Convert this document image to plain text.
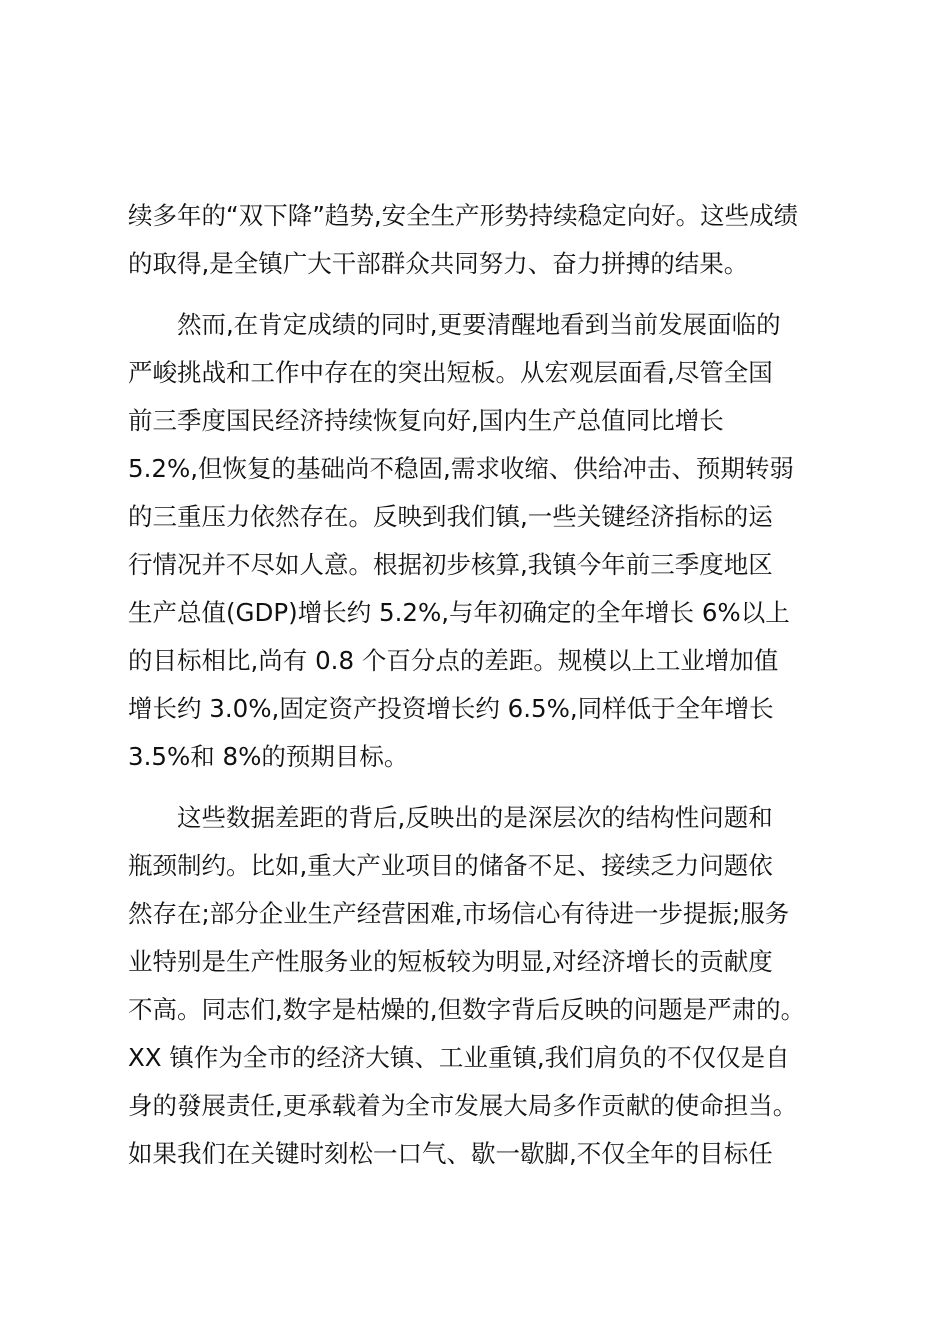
续多年的“双下降”趋势,安全生产形势持续稳定向好。这些成绩
的取得,是全镇广大干部群众共同努力、奋力拼搏的结果。
然而,在肯定成绩的同时,更要清醒地看到当前发展面临的
严峻挑战和工作中存在的突出短板。从宏观层面看,尽管全国
前三季度国民经济持续恢复向好,国内生产总值同比增长
5.2%,但恢复的基础尚不稳固,需求收缩、供给冲击、预期转弱
的三重压力依然存在。反映到我们镇,一些关键经济指标的运
行情况并不尽如人意。根据初步核算,我镇今年前三季度地区
生产总值(GDP)增长约 5.2%,与年初确定的全年增长 6%以上
的目标相比,尚有 0.8 个百分点的差距。规模以上工业增加值
增长约 3.0%,固定资产投资增长约 6.5%,同样低于全年增长
3.5%和 8%的预期目标。
这些数据差距的背后,反映出的是深层次的结构性问题和
瓶颈制约。比如,重大产业项目的储备不足、接续乏力问题依
然存在;部分企业生产经营困难,市场信心有待进一步提振;服务
业特别是生产性服务业的短板较为明显,对经济增长的贡献度
不高。同志们,数字是枯燥的,但数字背后反映的问题是严肃的。
XX 镇作为全市的经济大镇、工业重镇,我们肩负的不仅仅是自
身的發展责任,更承载着为全市发展大局多作贡献的使命担当。
如果我们在关键时刻松一口气、歇一歇脚,不仅全年的目标任
